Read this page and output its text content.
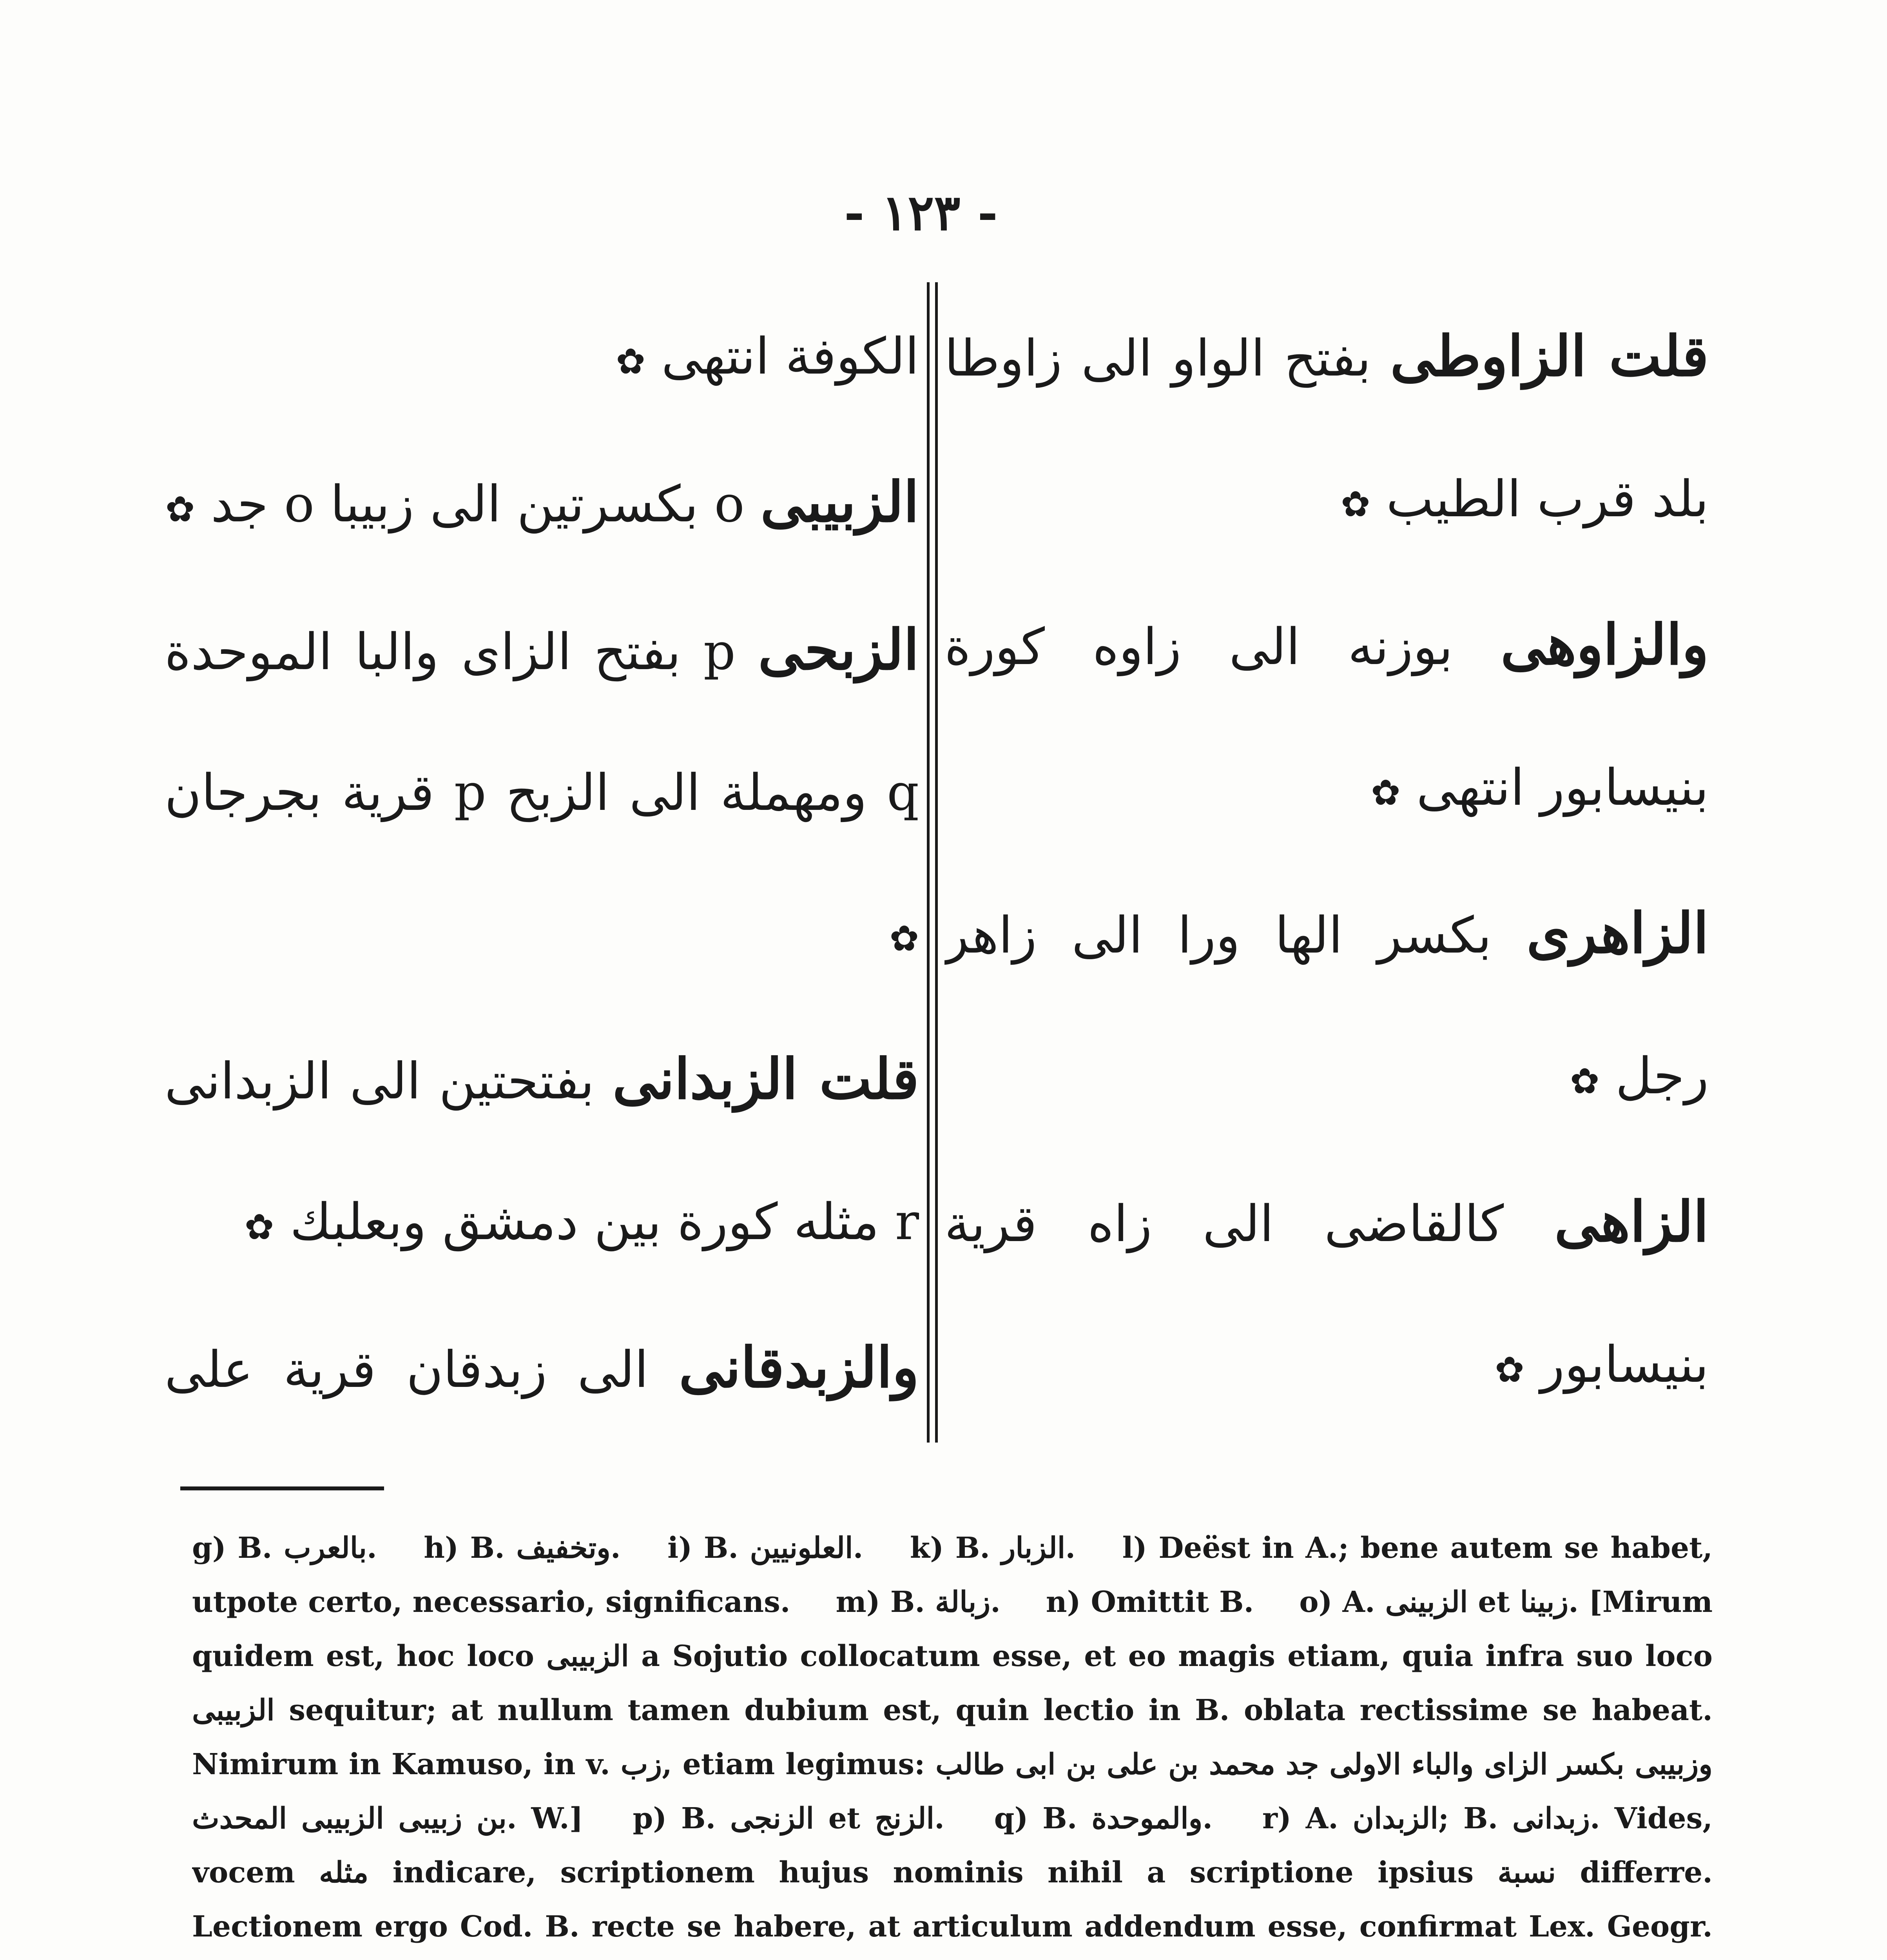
- ١٢٣ -
قلت الزاوطى بفتح الواو الى زاوطا بلد قرب الطيب ✿
والزاوهى بوزنه الى زاوه كورة بنيسابور انتهى ✿
الزاهرى بكسر الها ورا الى زاهر رجل ✿
الزاهى كالقاضى الى زاه قرية بنيسابور ✿
الكوفة انتهى ✿
الزبيبى o بكسرتين الى زبيبا o جد ✿
الزبحى p بفتح الزاى والبا الموحدة q ومهملة الى الزبح p قرية بجرجان ✿
قلت الزبدانى بفتحتين الى الزبدانى r مثله كورة بين دمشق وبعلبك ✿
والزبدقانى الى زبدقان قرية على
g) B. بالعرب. h) B. وتخفيف. i) B. العلونيين. k) B. الزبار. l) Deëst in A.; bene autem se habet, utpote certo, necessario, significans. m) B. زبالة. n) Omittit B. o) A. الزبينى et زبينا. [Mirum quidem est, hoc loco الزبيبى a Sojutio collocatum esse, et eo magis etiam, quia infra suo loco الزبيبى sequitur; at nullum tamen dubium est, quin lectio in B. oblata rectissime se habeat. Nimirum in Kamuso, in v. زب, etiam legimus: وزبيبى بكسر الزاى والباء الاولى جد محمد بن على بن ابى طالب بن زبيبى الزبيبى المحدث. W.] p) B. الزنجى et الزنج. q) B. والموحدة. r) A. الزبدان; B. زبدانى. Vides, vocem مثله indicare, scriptionem hujus nominis nihil a scriptione ipsius نسبة differre. Lectionem ergo Cod. B. recte se habere, at articulum addendum esse, confirmat Lex. Geogr.
